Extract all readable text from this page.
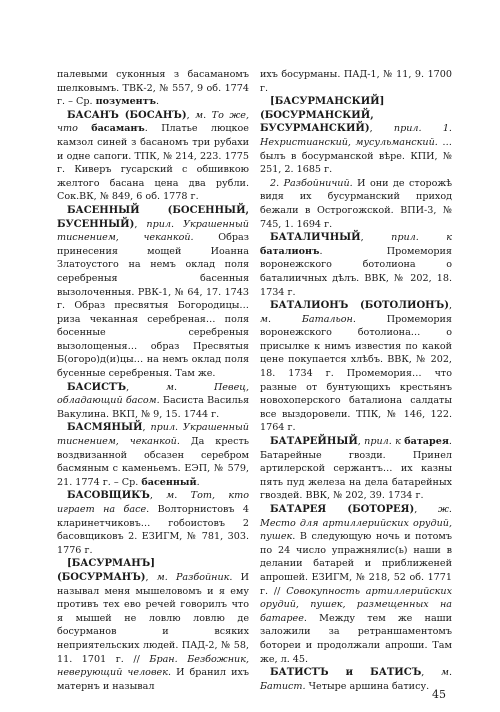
палевыми суконныя з басаманомъ шелковымъ. ТВК-2, № 557, 9 об. 1774 г. – Ср. позументъ.

БАСАНЪ (БОСАНЪ), м. То же, что басаманъ. Платье люцкое камзол синей з басаномъ три рубахи и одне сапоги. ТПК, № 214, 223. 1775 г. Киверъ гусарский с обшивкою желтого басана цена два рубли. Сок.ВК, № 849, 6 об. 1778 г.

БАСЕННЫЙ (БОСЕННЫЙ, БУСЕННЫЙ), прил. Украшенный тиснением, чеканкой. Образ принесения мощей Иоанна Златоустого на немъ оклад поля серебреныя басенныя вызолоченныя. РВК-1, № 64, 17. 1743 г. Образ пресвятыя Богородицы… риза чеканная серебреная… поля босенные серебреныя вызолощеныя… образ Пресвятыя Б(огоро)д(и)цы… на немъ оклад поля бусенные серебреныя. Там же.

БАСИСТЪ, м. Певец, обладающий басом. Басиста Василья Вакулина. ВКП, № 9, 15. 1744 г.

БАСМЯНЫЙ, прил. Украшенный тиснением, чеканкой. Да кресть воздвизанной обсазен серебром басмяным с каменьемъ. ЕЭП, № 579, 21. 1774 г. – Ср. басенный.

БАСОВЩИКЪ, м. Тот, кто играет на басе. Волторнистовъ 4 кларинетчиковъ… гобоистовъ 2 басовщиковъ 2. ЕЗИГМ, № 781, 303. 1776 г.

[БАСУРМАНЪ] (БОСУРМАНЪ), м. Разбойник. И называл меня мышеловомъ и я ему противъ тех ево речей говорилъ что я мышей не ловлю ловлю де босурманов и всяких неприятельских людей. ПАД-2, № 58, 11. 1701 г. // Бран. Безбожник, неверующий человек. И бранил ихъ матернъ и называл

ихъ босурманы. ПАД-1, № 11, 9. 1700 г.

[БАСУРМАНСКИЙ] (БОСУРМАНСКИЙ, БУСУРМАНСКИЙ), прил. 1. Нехристианский, мусульманский. …былъ в босурманской вѣре. КПИ, № 251, 2. 1685 г.

2. Разбойничий. И они де сторожѣ видя их бусурманский приход бежали в Острогожской. ВПИ-3, № 745, 1. 1694 г.

БАТАЛИЧНЫЙ, прил. к баталионъ. Промемория воронежского ботолиона о баталиичных дѣлъ. ВВК, № 202, 18. 1734 г.

БАТАЛИОНЪ (БОТОЛИОНЪ), м. Батальон. Промемория воронежского ботолиона… о присылке к нимъ известия по какой цене покупается хлѣбъ. ВВК, № 202, 18. 1734 г. Промемория… что разные от бунтующихъ крестьянъ новохоперского баталиона салдаты все выздоровели. ТПК, № 146, 122. 1764 г.

БАТАРЕЙНЫЙ, прил. к батарея. Батарейные гвозди. Принел артилерской сержантъ… их казны пять пуд железа на дела батарейных гвоздей. ВВК, № 202, 39. 1734 г.

БАТАРЕЯ (БОТОРЕЯ), ж. Место для артиллерийских орудий, пушек. В следующую ночь и потомъ по 24 число упражнялис(ь) наши в делании батарей и приближеней апрошей. ЕЗИГМ, № 218, 52 об. 1771 г. // Совокупность артиллерийских орудий, пушек, размещенных на батарее. Между тем же наши заложили за ретраншаментомъ ботореи и продолжали апроши. Там же, л. 45.

БАТИСТЪ и БАТИСЪ, м. Батист. Четыре аршина батису.

45
